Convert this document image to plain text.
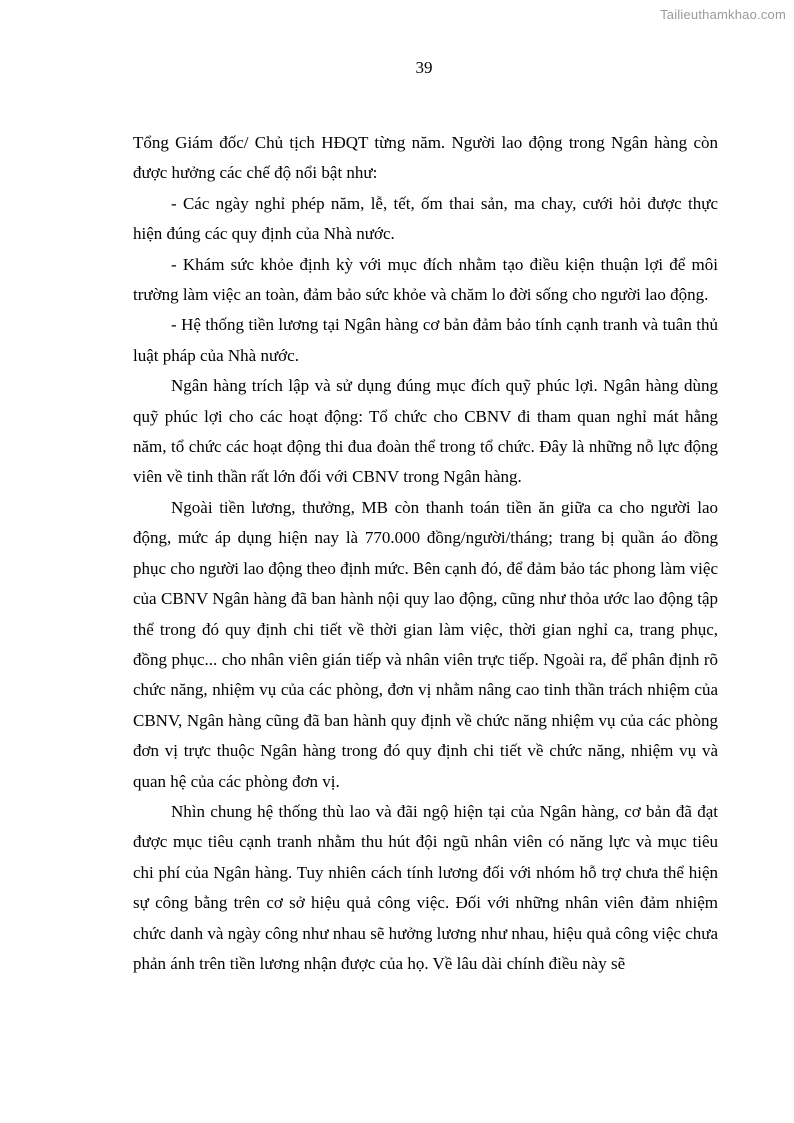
Tailieuthamkhao.com
39

Tổng Giám đốc/ Chủ tịch HĐQT từng năm. Người lao động trong Ngân hàng còn được hưởng các chế độ nổi bật như:

- Các ngày nghỉ phép năm, lễ, tết, ốm thai sản, ma chay, cưới hỏi được thực hiện đúng các quy định của Nhà nước.

- Khám sức khỏe định kỳ với mục đích nhằm tạo điều kiện thuận lợi để môi trường làm việc an toàn, đảm bảo sức khỏe và chăm lo đời sống cho người lao động.

- Hệ thống tiền lương tại Ngân hàng cơ bản đảm bảo tính cạnh tranh và tuân thủ luật pháp của Nhà nước.

Ngân hàng trích lập và sử dụng đúng mục đích quỹ phúc lợi. Ngân hàng dùng quỹ phúc lợi cho các hoạt động: Tổ chức cho CBNV đi tham quan nghỉ mát hằng năm, tổ chức các hoạt động thi đua đoàn thể trong tổ chức. Đây là những nỗ lực động viên về tinh thần rất lớn đối với CBNV trong Ngân hàng.

Ngoài tiền lương, thưởng, MB còn thanh toán tiền ăn giữa ca cho người lao động, mức áp dụng hiện nay là 770.000 đồng/người/tháng; trang bị quần áo đồng phục cho người lao động theo định mức. Bên cạnh đó, để đảm bảo tác phong làm việc của CBNV Ngân hàng đã ban hành nội quy lao động, cũng như thỏa ước lao động tập thể trong đó quy định chi tiết về thời gian làm việc, thời gian nghỉ ca, trang phục, đồng phục... cho nhân viên gián tiếp và nhân viên trực tiếp. Ngoài ra, để phân định rõ chức năng, nhiệm vụ của các phòng, đơn vị nhằm nâng cao tinh thần trách nhiệm của CBNV, Ngân hàng cũng đã ban hành quy định về chức năng nhiệm vụ của các phòng đơn vị trực thuộc Ngân hàng trong đó quy định chi tiết về chức năng, nhiệm vụ và quan hệ của các phòng đơn vị.

Nhìn chung hệ thống thù lao và đãi ngộ hiện tại của Ngân hàng, cơ bản đã đạt được mục tiêu cạnh tranh nhằm thu hút đội ngũ nhân viên có năng lực và mục tiêu chi phí của Ngân hàng. Tuy nhiên cách tính lương đối với nhóm hỗ trợ chưa thể hiện sự công bằng trên cơ sở hiệu quả công việc. Đối với những nhân viên đảm nhiệm chức danh và ngày công như nhau sẽ hưởng lương như nhau, hiệu quả công việc chưa phản ánh trên tiền lương nhận được của họ. Về lâu dài chính điều này sẽ
